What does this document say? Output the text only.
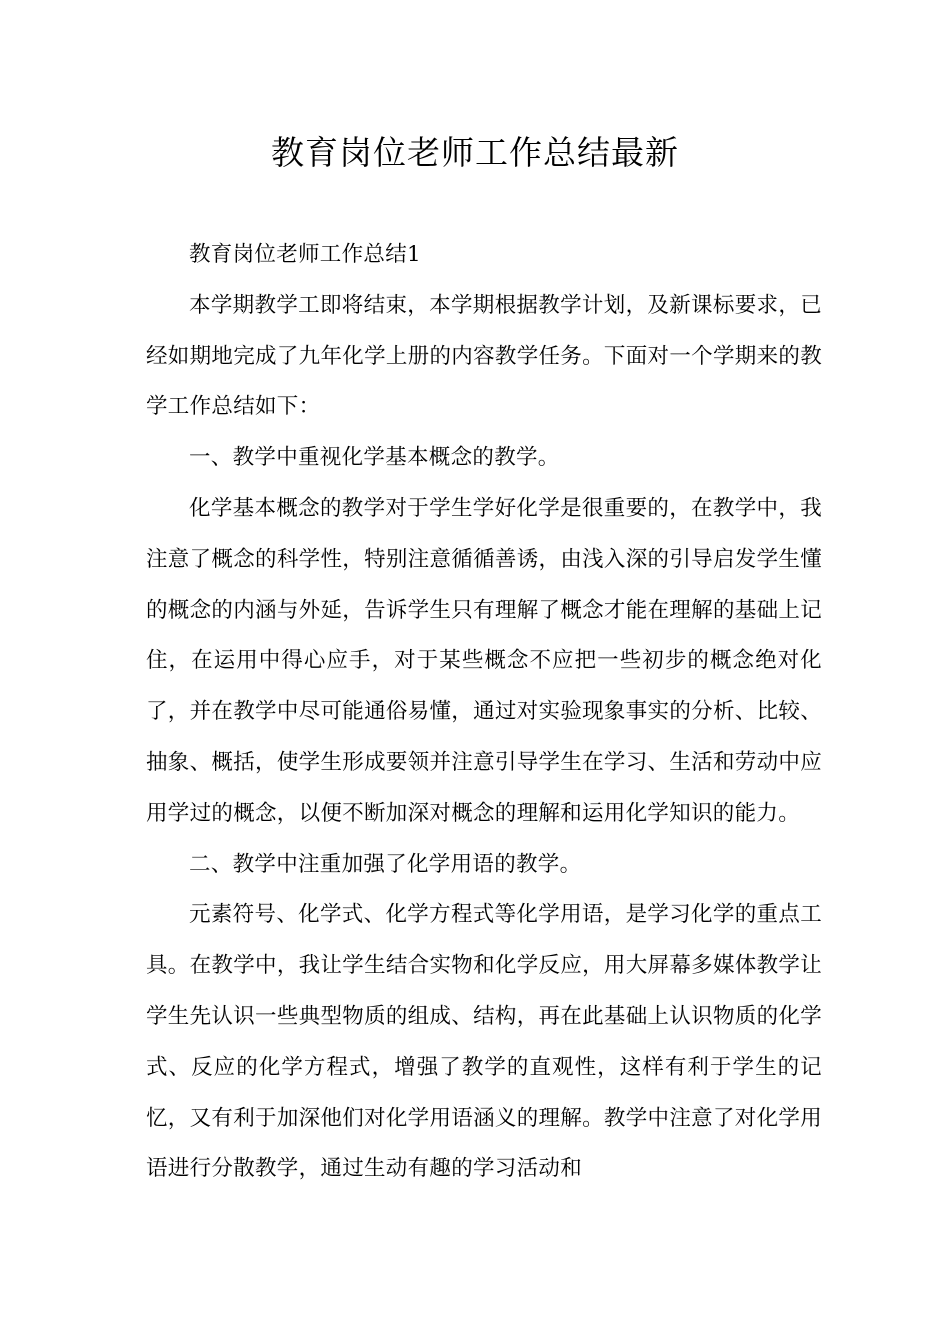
教育岗位老师工作总结最新

教育岗位老师工作总结1

本学期教学工即将结束，本学期根据教学计划，及新课标要求，已经如期地完成了九年化学上册的内容教学任务。下面对一个学期来的教学工作总结如下：

一、教学中重视化学基本概念的教学。

化学基本概念的教学对于学生学好化学是很重要的，在教学中，我注意了概念的科学性，特别注意循循善诱，由浅入深的引导启发学生懂的概念的内涵与外延，告诉学生只有理解了概念才能在理解的基础上记住，在运用中得心应手，对于某些概念不应把一些初步的概念绝对化了，并在教学中尽可能通俗易懂，通过对实验现象事实的分析、比较、抽象、概括，使学生形成要领并注意引导学生在学习、生活和劳动中应用学过的概念，以便不断加深对概念的理解和运用化学知识的能力。

二、教学中注重加强了化学用语的教学。

元素符号、化学式、化学方程式等化学用语，是学习化学的重点工具。在教学中，我让学生结合实物和化学反应，用大屏幕多媒体教学让学生先认识一些典型物质的组成、结构，再在此基础上认识物质的化学式、反应的化学方程式，增强了教学的直观性，这样有利于学生的记忆，又有利于加深他们对化学用语涵义的理解。教学中注意了对化学用语进行分散教学，通过生动有趣的学习活动和
